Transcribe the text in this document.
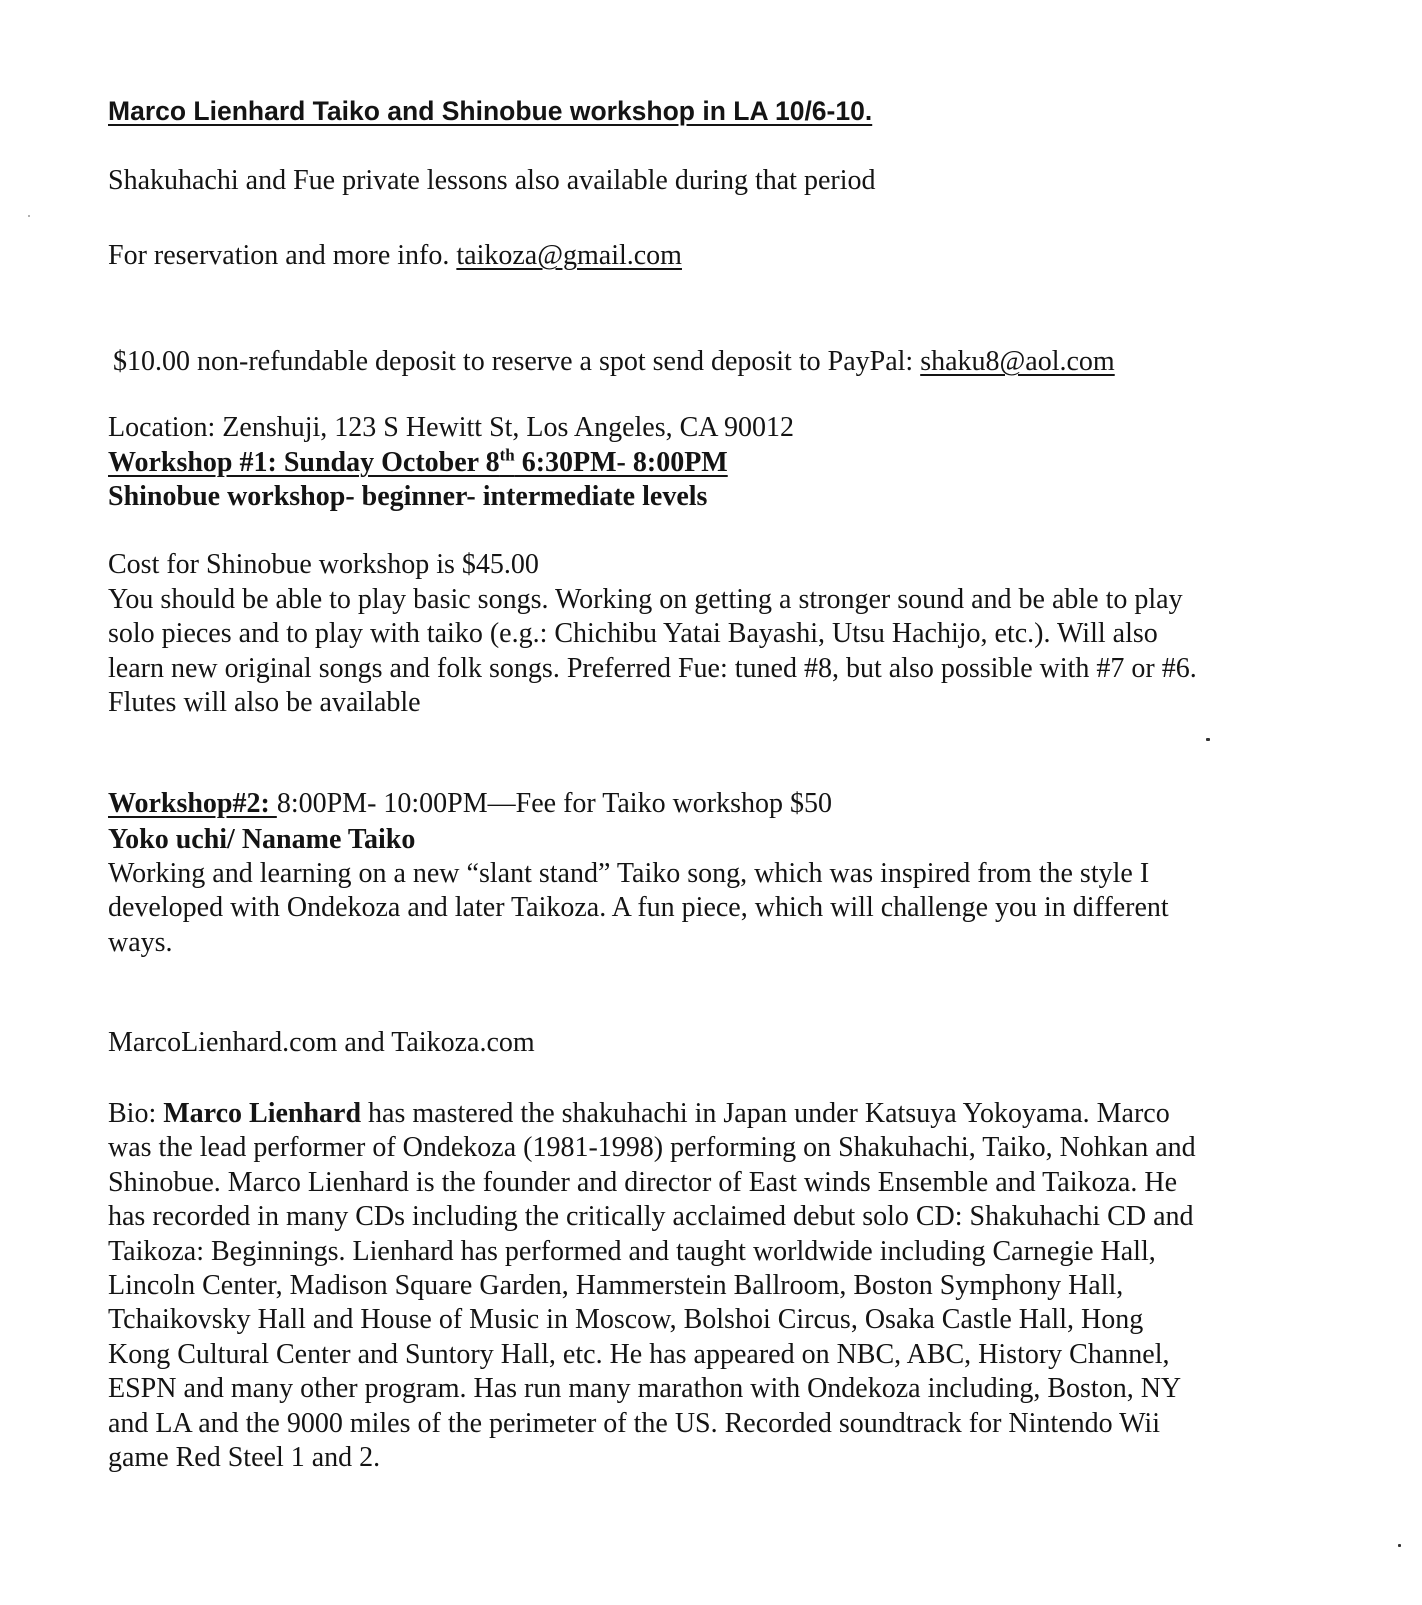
Marco Lienhard Taiko and Shinobue workshop in LA 10/6-10.

Shakuhachi and Fue private lessons also available during that period

For reservation and more info. taikoza@gmail.com

$10.00 non-refundable deposit to reserve a spot send deposit to PayPal: shaku8@aol.com

Location: Zenshuji, 123 S Hewitt St, Los Angeles, CA 90012

Workshop #1: Sunday October 8th 6:30PM- 8:00PM

Shinobue workshop- beginner- intermediate levels

Cost for Shinobue workshop is $45.00

You should be able to play basic songs. Working on getting a stronger sound and be able to play
solo pieces and to play with taiko (e.g.: Chichibu Yatai Bayashi, Utsu Hachijo, etc.). Will also
learn new original songs and folk songs. Preferred Fue: tuned #8, but also possible with #7 or #6.
Flutes will also be available

Workshop#2: 8:00PM- 10:00PM—Fee for Taiko workshop $50

Yoko uchi/ Naname Taiko

Working and learning on a new “slant stand” Taiko song, which was inspired from the style I
developed with Ondekoza and later Taikoza. A fun piece, which will challenge you in different
ways.

MarcoLienhard.com and Taikoza.com

Bio: Marco Lienhard has mastered the shakuhachi in Japan under Katsuya Yokoyama. Marco
was the lead performer of Ondekoza (1981-1998) performing on Shakuhachi, Taiko, Nohkan and
Shinobue. Marco Lienhard is the founder and director of East winds Ensemble and Taikoza. He
has recorded in many CDs including the critically acclaimed debut solo CD: Shakuhachi CD and
Taikoza: Beginnings. Lienhard has performed and taught worldwide including Carnegie Hall,
Lincoln Center, Madison Square Garden, Hammerstein Ballroom, Boston Symphony Hall,
Tchaikovsky Hall and House of Music in Moscow, Bolshoi Circus, Osaka Castle Hall, Hong
Kong Cultural Center and Suntory Hall, etc. He has appeared on NBC, ABC, History Channel,
ESPN and many other program. Has run many marathon with Ondekoza including, Boston, NY
and LA and the 9000 miles of the perimeter of the US. Recorded soundtrack for Nintendo Wii
game Red Steel 1 and 2.
